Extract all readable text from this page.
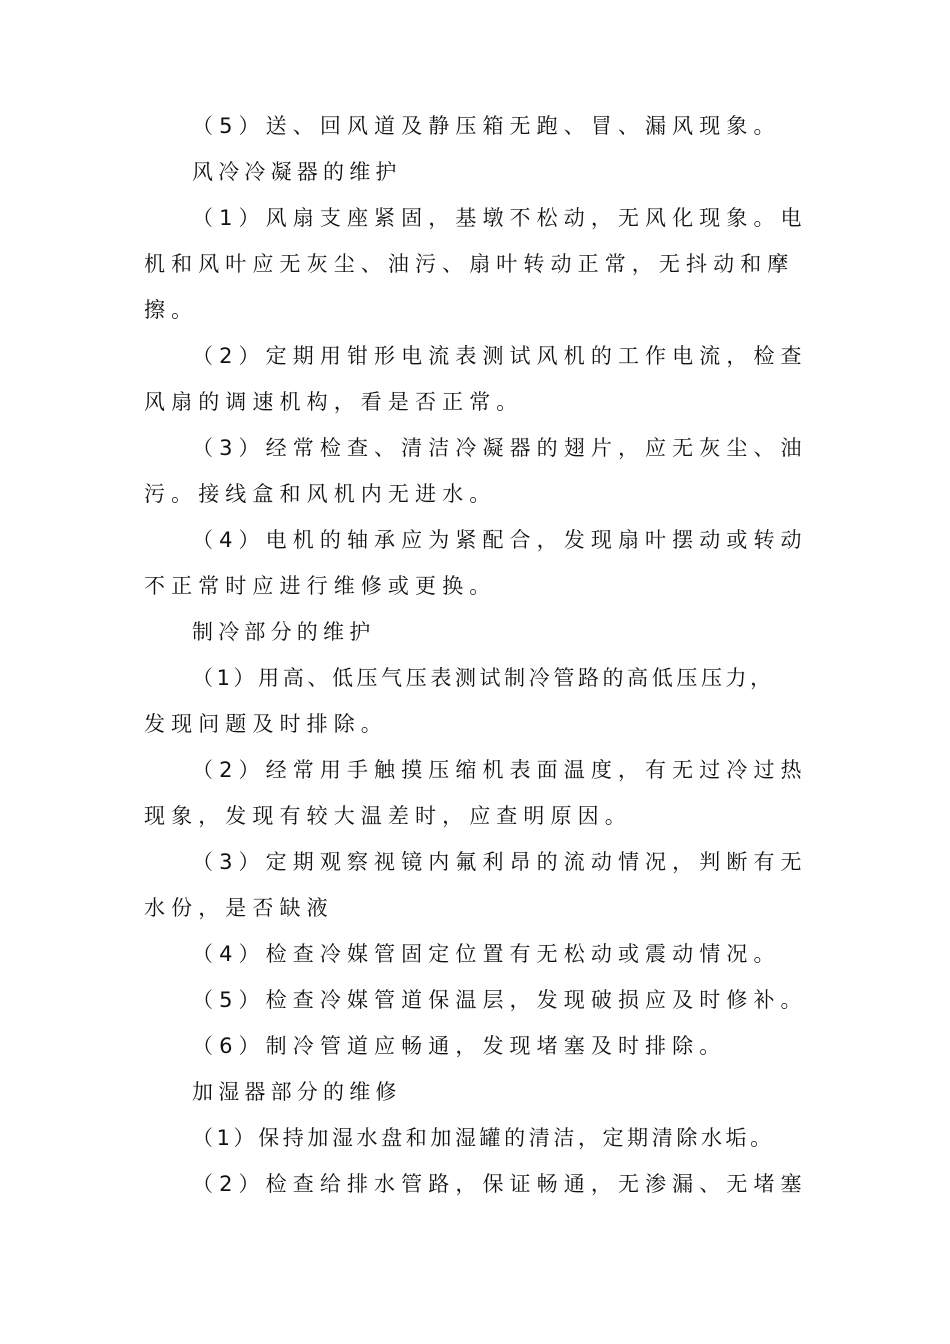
（5）送、回风道及静压箱无跑、冒、漏风现象。
风冷冷凝器的维护
（1）风扇支座紧固，基墩不松动，无风化现象。电
机和风叶应无灰尘、油污、扇叶转动正常，无抖动和摩
擦。
（2）定期用钳形电流表测试风机的工作电流，检查
风扇的调速机构，看是否正常。
（3）经常检查、清洁冷凝器的翅片，应无灰尘、油
污。接线盒和风机内无进水。
（4）电机的轴承应为紧配合，发现扇叶摆动或转动
不正常时应进行维修或更换。
制冷部分的维护
（1）用高、低压气压表测试制冷管路的高低压压力，
发现问题及时排除。
（2）经常用手触摸压缩机表面温度，有无过冷过热
现象，发现有较大温差时，应查明原因。
（3）定期观察视镜内氟利昂的流动情况，判断有无
水份，是否缺液
（4）检查冷媒管固定位置有无松动或震动情况。
（5）检查冷媒管道保温层，发现破损应及时修补。
（6）制冷管道应畅通，发现堵塞及时排除。
加湿器部分的维修
（1）保持加湿水盘和加湿罐的清洁，定期清除水垢。
（2）检查给排水管路，保证畅通，无渗漏、无堵塞
